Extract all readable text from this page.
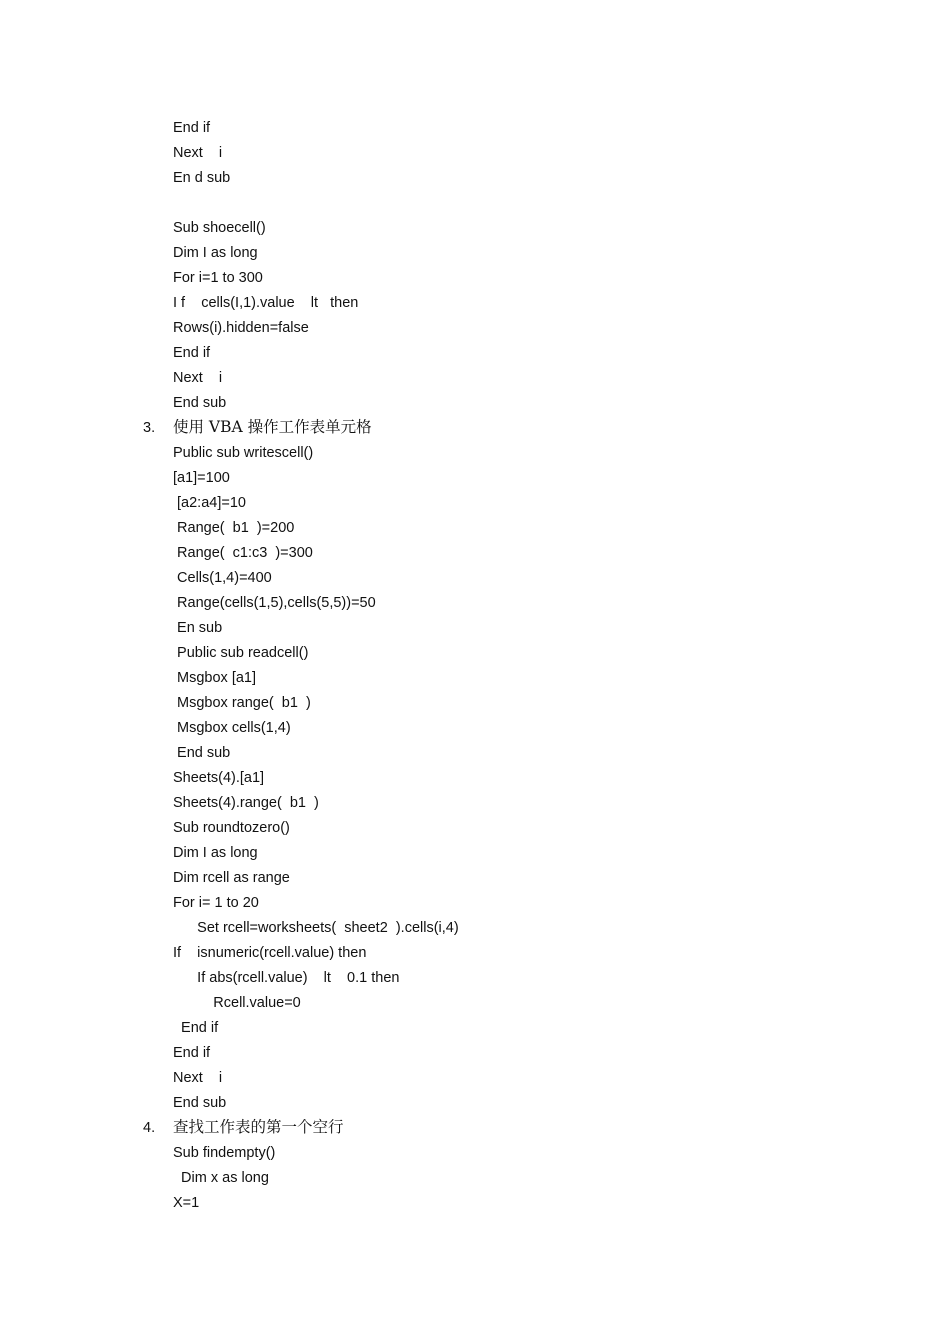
End if
Next    i
En d sub
Sub shoecell()
Dim I as long
For i=1 to 300
I f    cells(I,1).value    lt   then
Rows(i).hidden=false
End if
Next    i
End sub
3. 使用 VBA 操作工作表单元格
Public sub writescell()
[a1]=100
[a2:a4]=10
Range(  b1  )=200
Range(  c1:c3  )=300
Cells(1,4)=400
Range(cells(1,5),cells(5,5))=50
En sub
Public sub readcell()
Msgbox [a1]
Msgbox range(  b1  )
Msgbox cells(1,4)
End sub
Sheets(4).[a1]
Sheets(4).range(  b1  )
Sub roundtozero()
Dim I as long
Dim rcell as range
For i= 1 to 20
Set rcell=worksheets(  sheet2  ).cells(i,4)
If    isnumeric(rcell.value) then
If abs(rcell.value)    lt    0.1 then
Rcell.value=0
End if
End if
Next    i
End sub
4. 查找工作表的第一个空行
Sub findempty()
Dim x as long
X=1
